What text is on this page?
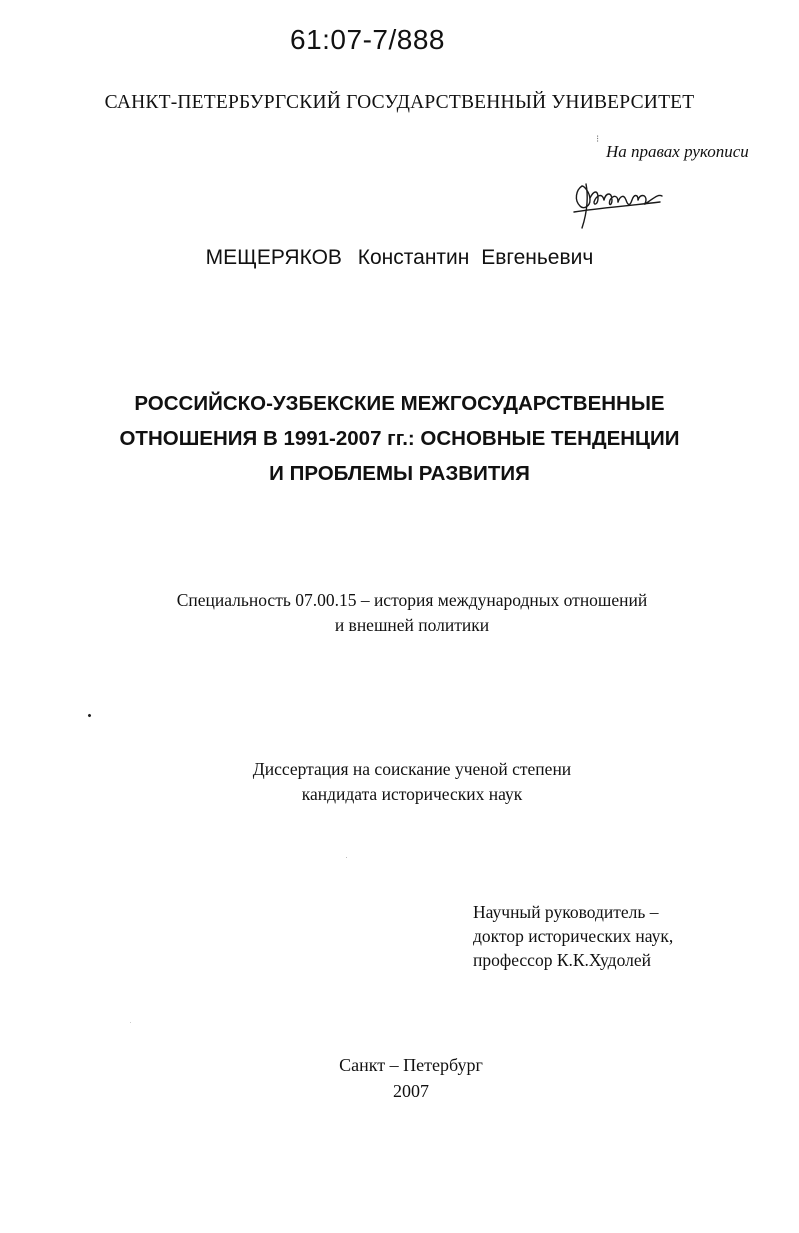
61:07-7/888
САНКТ-ПЕТЕРБУРГСКИЙ ГОСУДАРСТВЕННЫЙ УНИВЕРСИТЕТ
⁝
На правах рукописи
МЕЩЕРЯКОВ Константин Евгеньевич
РОССИЙСКО-УЗБЕКСКИЕ МЕЖГОСУДАРСТВЕННЫЕ
ОТНОШЕНИЯ В 1991-2007 гг.: ОСНОВНЫЕ ТЕНДЕНЦИИ
И ПРОБЛЕМЫ РАЗВИТИЯ
Специальность 07.00.15 – история международных отношений
и внешней политики
Диссертация на соискание ученой степени
кандидата исторических наук
Научный руководитель –
доктор исторических наук,
профессор К.К.Худолей
Санкт – Петербург
2007
